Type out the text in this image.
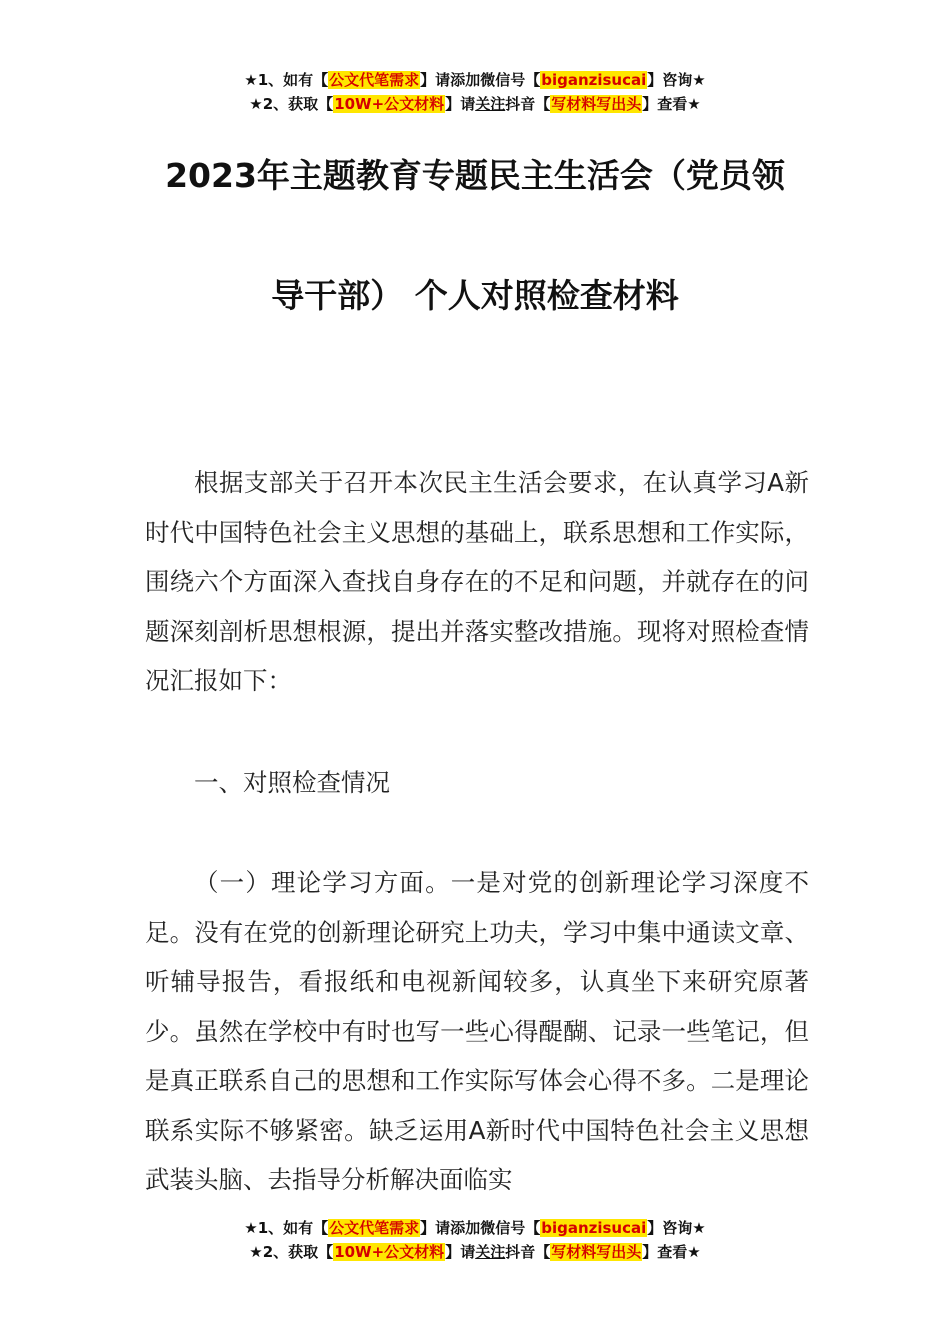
★1、如有【公文代笔需求】请添加微信号【biganzisucai】咨询★
★2、获取【10W+公文材料】请关注抖音【写材料写出头】查看★
2023年主题教育专题民主生活会（党员领
导干部） 个人对照检查材料
根据支部关于召开本次民主生活会要求，在认真学习A新时代中国特色社会主义思想的基础上，联系思想和工作实际，围绕六个方面深入查找自身存在的不足和问题，并就存在的问题深刻剖析思想根源，提出并落实整改措施。现将对照检查情况汇报如下：
一、对照检查情况
（一）理论学习方面。一是对党的创新理论学习深度不足。没有在党的创新理论研究上功夫，学习中集中通读文章、听辅导报告，看报纸和电视新闻较多，认真坐下来研究原著少。虽然在学校中有时也写一些心得醍醐、记录一些笔记，但是真正联系自己的思想和工作实际写体会心得不多。二是理论联系实际不够紧密。缺乏运用A新时代中国特色社会主义思想武装头脑、去指导分析解决面临实
★1、如有【公文代笔需求】请添加微信号【biganzisucai】咨询★
★2、获取【10W+公文材料】请关注抖音【写材料写出头】查看★
